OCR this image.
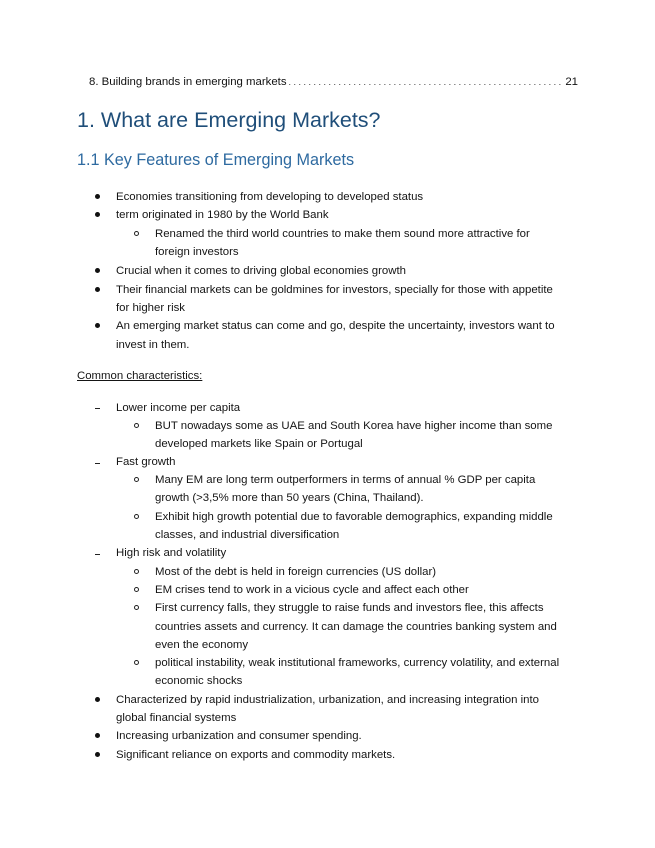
8. Building brands in emerging markets
. . .	21
1. What are Emerging Markets?
1.1 Key Features of Emerging Markets
Economies transitioning from developing to developed status
term originated in 1980 by the World Bank
Renamed the third world countries to make them sound more attractive for
foreign investors
Crucial when it comes to driving global economies growth
Their financial markets can be goldmines for investors, specially for those with appetite
for higher risk
An emerging market status can come and go, despite the uncertainty, investors want to
invest in them.
Common characteristics:
Lower income per capita
BUT nowadays some as UAE and South Korea have higher income than some
developed markets like Spain or Portugal
Fast growth
Many EM are long term outperformers in terms of annual % GDP per capita
growth (>3,5% more than 50 years (China, Thailand).
Exhibit high growth potential due to favorable demographics, expanding middle
classes, and industrial diversification
High risk and volatility
Most of the debt is held in foreign currencies (US dollar)
EM crises tend to work in a vicious cycle and affect each other
First currency falls, they struggle to raise funds and investors flee, this affects
countries assets and currency. It can damage the countries banking system and
even the economy
political instability, weak institutional frameworks, currency volatility, and external
economic shocks
Characterized by rapid industrialization, urbanization, and increasing integration into
global financial systems
Increasing urbanization and consumer spending.
Significant reliance on exports and commodity markets.
